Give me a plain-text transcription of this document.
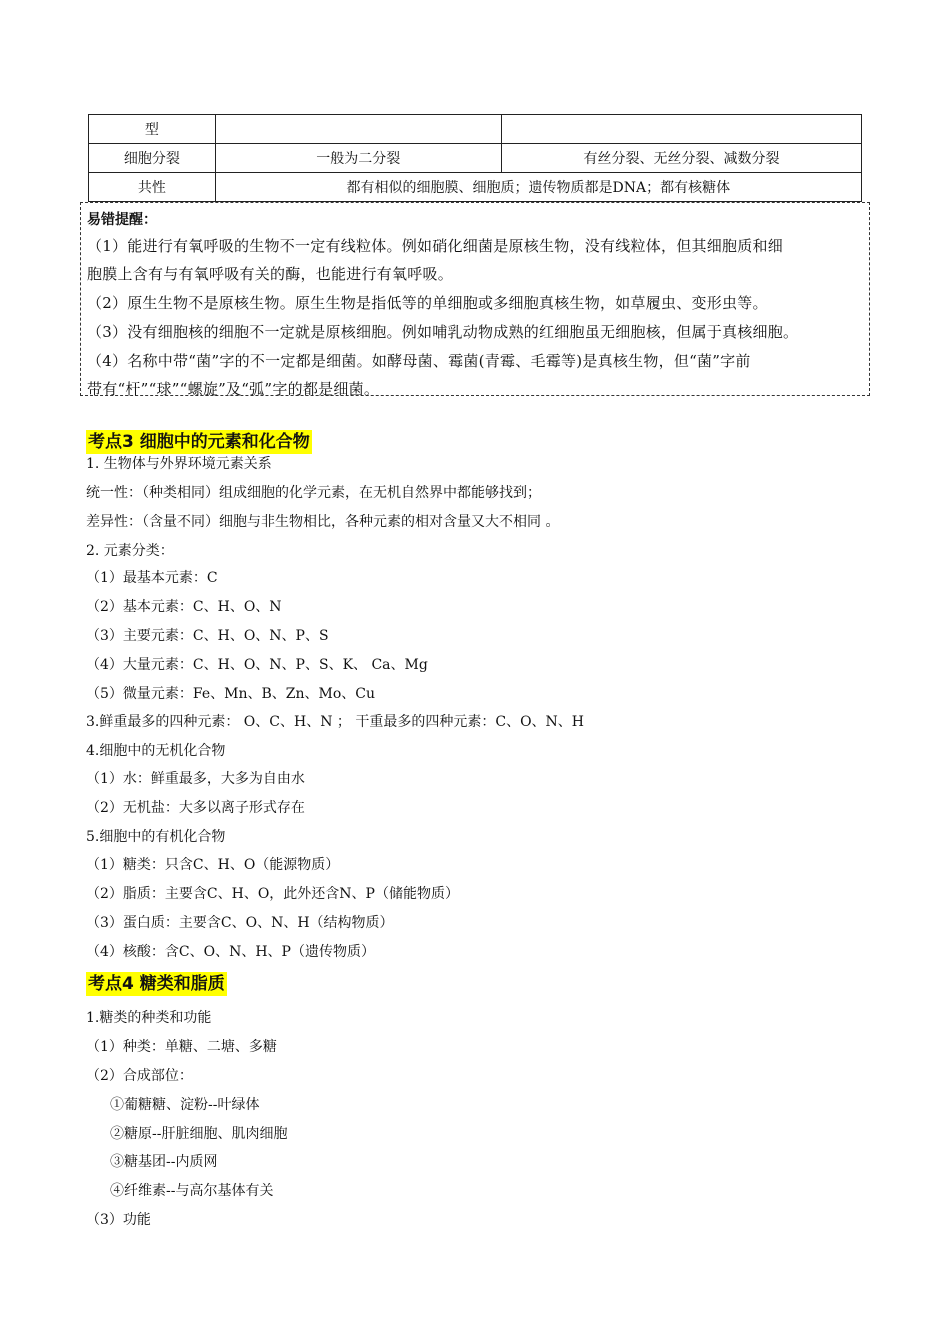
型		
细胞分裂	一般为二分裂	有丝分裂、无丝分裂、减数分裂
共性	都有相似的细胞膜、细胞质；遗传物质都是DNA；都有核糖体	
易错提醒：
（1）能进行有氧呼吸的生物不一定有线粒体。例如硝化细菌是原核生物，没有线粒体，但其细胞质和细
胞膜上含有与有氧呼吸有关的酶，也能进行有氧呼吸。
（2）原生生物不是原核生物。原生生物是指低等的单细胞或多细胞真核生物，如草履虫、变形虫等。
（3）没有细胞核的细胞不一定就是原核细胞。例如哺乳动物成熟的红细胞虽无细胞核，但属于真核细胞。
（4）名称中带“菌”字的不一定都是细菌。如酵母菌、霉菌(青霉、毛霉等)是真核生物，但“菌”字前
带有“杆”“球”“螺旋”及“弧”字的都是细菌。
考点3 细胞中的元素和化合物
1. 生物体与外界环境元素关系
统一性：（种类相同）组成细胞的化学元素，在无机自然界中都能够找到；
差异性：（含量不同）细胞与非生物相比，各种元素的相对含量又大不相同 。
2. 元素分类：
（1）最基本元素：C
（2）基本元素：C、H、O、N
（3）主要元素：C、H、O、N、P、S
（4）大量元素：C、H、O、N、P、S、K、 Ca、Mg
（5）微量元素：Fe、Mn、B、Zn、Mo、Cu
3.鲜重最多的四种元素： O、C、H、N ； 干重最多的四种元素：C、O、N、H
4.细胞中的无机化合物
（1）水：鲜重最多，大多为自由水
（2）无机盐：大多以离子形式存在
5.细胞中的有机化合物
（1）糖类：只含C、H、O（能源物质）
（2）脂质：主要含C、H、O，此外还含N、P（储能物质）
（3）蛋白质：主要含C、O、N、H（结构物质）
（4）核酸：含C、O、N、H、P（遗传物质）
考点4 糖类和脂质
1.糖类的种类和功能
（1）种类：单糖、二塘、多糖
（2）合成部位：
①葡糖糖、淀粉--叶绿体
②糖原--肝脏细胞、肌肉细胞
③糖基团--内质网
④纤维素--与高尔基体有关
（3）功能
